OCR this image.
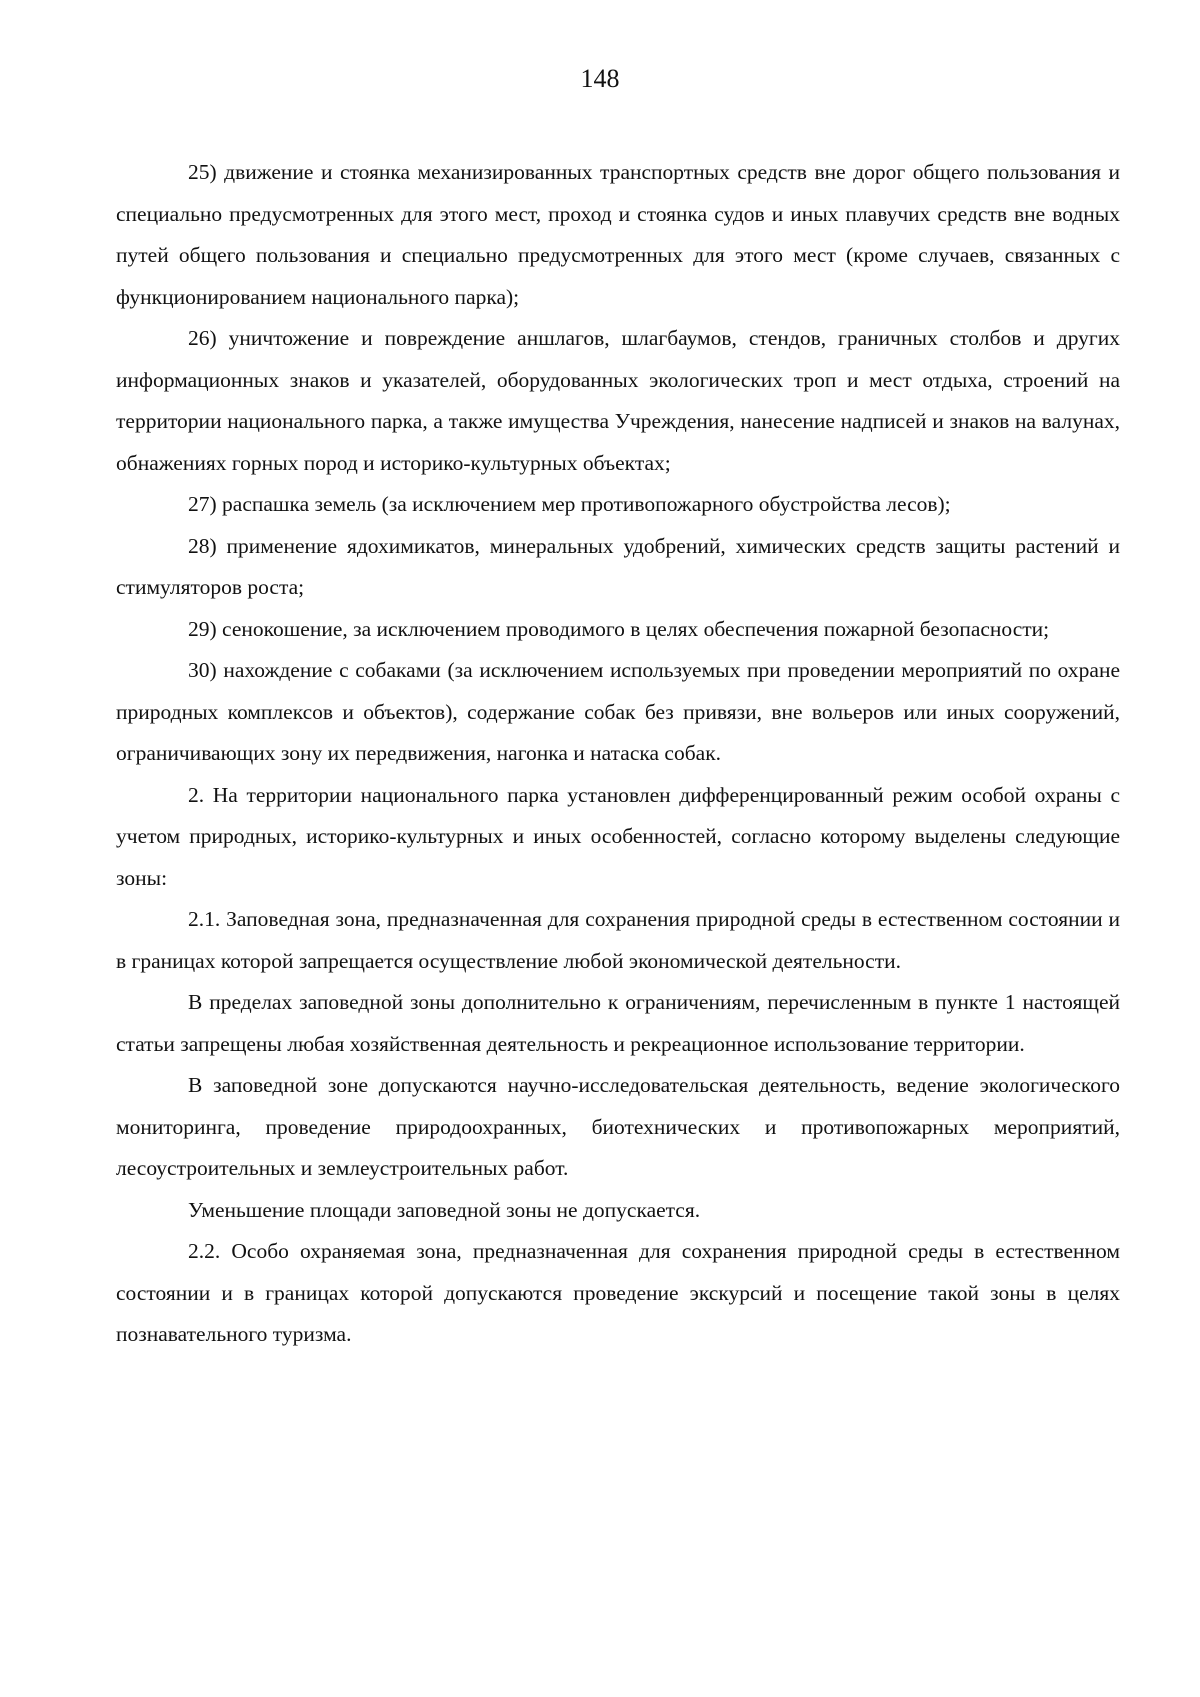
148

25) движение и стоянка механизированных транспортных средств вне дорог общего пользования и специально предусмотренных для этого мест, проход и стоянка судов и иных плавучих средств вне водных путей общего пользования и специально предусмотренных для этого мест (кроме случаев, связанных с функционированием национального парка);

26) уничтожение и повреждение аншлагов, шлагбаумов, стендов, граничных столбов и других информационных знаков и указателей, оборудованных экологических троп и мест отдыха, строений на территории национального парка, а также имущества Учреждения, нанесение надписей и знаков на валунах, обнажениях горных пород и историко-культурных объектах;

27) распашка земель (за исключением мер противопожарного обустройства лесов);

28) применение ядохимикатов, минеральных удобрений, химических средств защиты растений и стимуляторов роста;

29) сенокошение, за исключением проводимого в целях обеспечения пожарной безопасности;

30) нахождение с собаками (за исключением используемых при проведении мероприятий по охране природных комплексов и объектов), содержание собак без привязи, вне вольеров или иных сооружений, ограничивающих зону их передвижения, нагонка и натаска собак.

2. На территории национального парка установлен дифференцированный режим особой охраны с учетом природных, историко-культурных и иных особенностей, согласно которому выделены следующие зоны:

2.1. Заповедная зона, предназначенная для сохранения природной среды в естественном состоянии и в границах которой запрещается осуществление любой экономической деятельности.

В пределах заповедной зоны дополнительно к ограничениям, перечисленным в пункте 1 настоящей статьи запрещены любая хозяйственная деятельность и рекреационное использование территории.

В заповедной зоне допускаются научно-исследовательская деятельность, ведение экологического мониторинга, проведение природоохранных, биотехнических и противопожарных мероприятий, лесоустроительных и землеустроительных работ.

Уменьшение площади заповедной зоны не допускается.

2.2. Особо охраняемая зона, предназначенная для сохранения природной среды в естественном состоянии и в границах которой допускаются проведение экскурсий и посещение такой зоны в целях познавательного туризма.
